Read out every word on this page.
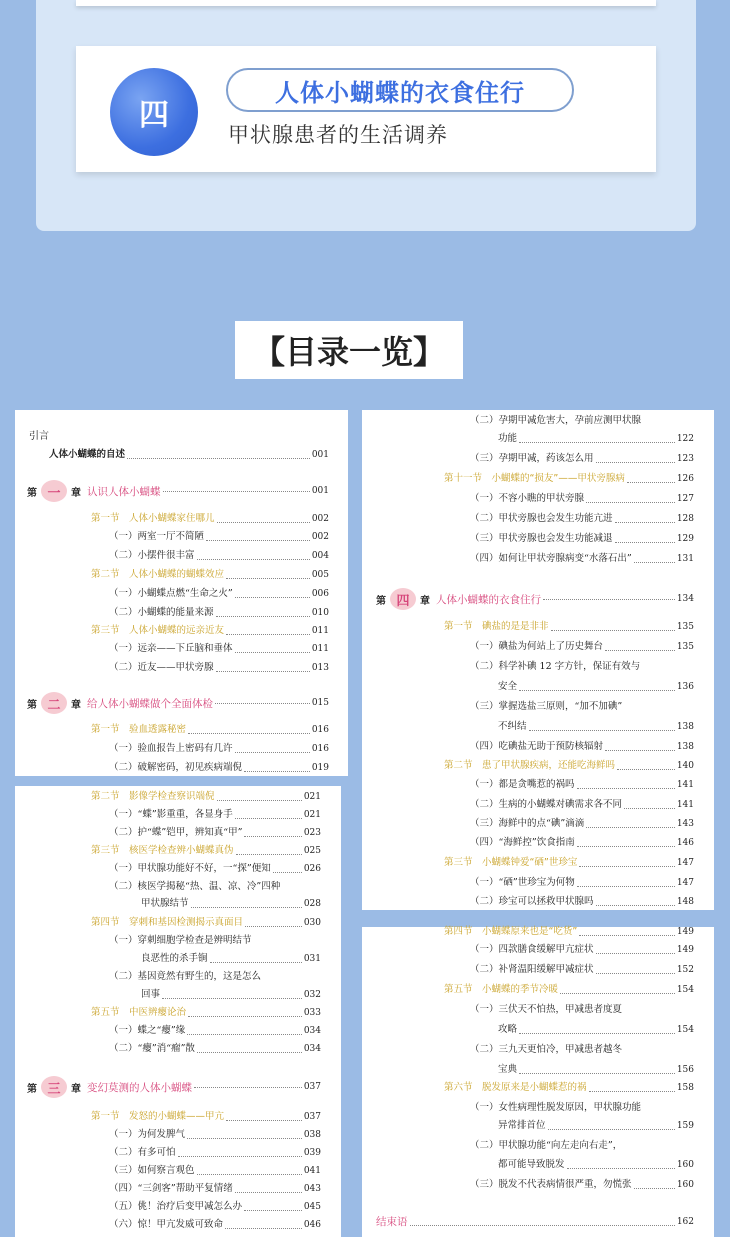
四
人体小蝴蝶的衣食住行
甲状腺患者的生活调养
【目录一览】
引言
人体小蝴蝶的自述	001
第 一	章 认识人体小蝴蝶	001
第一节　人体小蝴蝶家住哪儿	002
（一）两室一厅不简陋	002
（二）小摆件很丰富	004
第二节　人体小蝴蝶的蝴蝶效应	005
（一）小蝴蝶点燃“生命之火”	006
（二）小蝴蝶的能量来源	010
第三节　人体小蝴蝶的远亲近友	011
（一）远亲——下丘脑和垂体	011
（二）近友——甲状旁腺	013
第 二	章 给人体小蝴蝶做个全面体检	015
第一节　验血透露秘密	016
（一）验血报告上密码有几许	016
（二）破解密码，初见疾病端倪	019
第二节　影像学检查察识端倪	021
（一）“蝶”影重重，各显身手	021
（二）护“蝶”铠甲，辨知真“甲”	023
第三节　核医学检查辨小蝴蝶真伪	025
（一）甲状腺功能好不好，一“探”便知	026
（二）核医学揭秘“热、温、凉、冷”四种
甲状腺结节	028
第四节　穿刺和基因检测揭示真面目	030
（一）穿刺细胞学检查是辨明结节
良恶性的杀手锏	031
（二）基因竟然有野生的，这是怎么
回事	032
第五节　中医辨瘿论治	033
（一）蝶之“瘿”缘	034
（二）“瘿”消“瘤”散	034
第 三	章 变幻莫测的人体小蝴蝶	037
第一节　发怒的小蝴蝶——甲亢	037
（一）为何发脾气	038
（二）有多可怕	039
（三）如何察言观色	041
（四）“三剑客”帮助平复情绪	043
（五）佻！治疗后变甲减怎么办	045
（六）惊！甲亢发威可致命	046
（二）孕期甲减危害大，孕前应测甲状腺
功能	122
（三）孕期甲减，药该怎么用	123
第十一节　小蝴蝶的“损友”——甲状旁腺病	126
（一）不容小瞧的甲状旁腺	127
（二）甲状旁腺也会发生功能亢进	128
（三）甲状旁腺也会发生功能减退	129
（四）如何让甲状旁腺病变“水落石出”	131
第 四	章 人体小蝴蝶的衣食住行	134
第一节　碘盐的是是非非	135
（一）碘盐为何站上了历史舞台	135
（二）科学补碘 12 字方针，保证有效与
安全	136
（三）掌握选盐三原则，“加不加碘”
不纠结	138
（四）吃碘盐无助于预防核辐射	138
第二节　患了甲状腺疾病，还能吃海鲜吗	140
（一）都是贪嘴惹的祸吗	141
（二）生病的小蝴蝶对碘需求各不同	141
（三）海鲜中的点“碘”滴滴	143
（四）“海鲜控”饮食指南	146
第三节　小蝴蝶钟爱“硒”世珍宝	147
（一）“硒”世珍宝为何物	147
（二）珍宝可以拯救甲状腺吗	148
第四节　小蝴蝶原来也是“吃货”	149
（一）四款膳食缓解甲亢症状	149
（二）补肾温阳缓解甲减症状	152
第五节　小蝴蝶的季节冷暖	154
（一）三伏天不怕热，甲减患者度夏
攻略	154
（二）三九天更怕冷，甲减患者越冬
宝典	156
第六节　脱发原来是小蝴蝶惹的祸	158
（一）女性病理性脱发原因，甲状腺功能
异常排首位	159
（二）甲状腺功能“向左走向右走”，
都可能导致脱发	160
（三）脱发不代表病情很严重，勿慌张	160
结束语	162
